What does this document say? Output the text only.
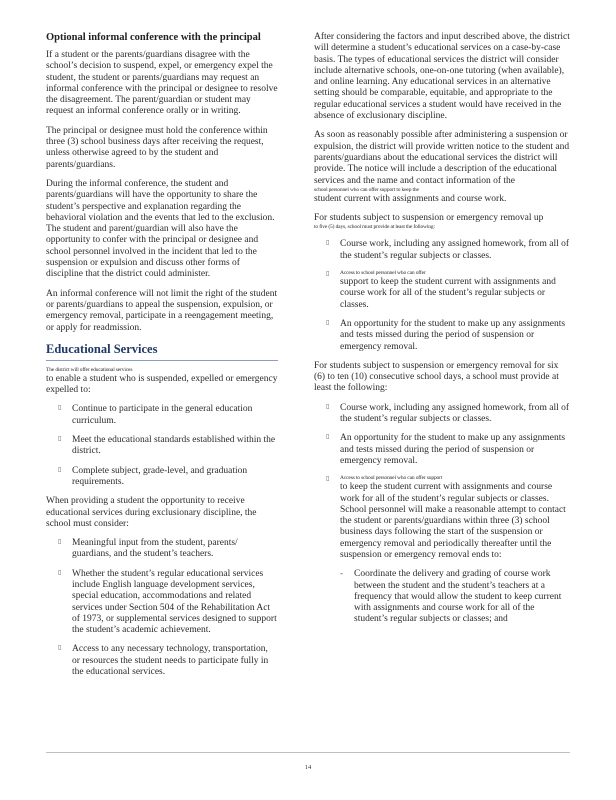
Optional informal conference with the principal

If a student or the parents/guardians disagree with the school’s decision to suspend, expel, or emergency expel the student, the student or parents/guardians may request an informal conference with the principal or designee to resolve the disagreement. The parent/guardian or student may request an informal conference orally or in writing.

The principal or designee must hold the conference within three (3) school business days after receiving the request, unless otherwise agreed to by the student and parents/guardians.

During the informal conference, the student and parents/guardians will have the opportunity to share the student’s perspective and explanation regarding the behavioral violation and the events that led to the exclusion. The student and parent/guardian will also have the opportunity to confer with the principal or designee and school personnel involved in the incident that led to the suspension or expulsion and discuss other forms of discipline that the district could administer.

An informal conference will not limit the right of the student or parents/guardians to appeal the suspension, expulsion, or emergency removal, participate in a reengagement meeting, or apply for readmission.

Educational Services

The district will offer educational services
to enable a student who is suspended, expelled or emergency expelled to:

▯ Continue to participate in the general education curriculum.
▯ Meet the educational standards established within the district.
▯ Complete subject, grade-level, and graduation requirements.

When providing a student the opportunity to receive educational services during exclusionary discipline, the school must consider:

▯ Meaningful input from the student, parents/ guardians, and the student’s teachers.
▯ Whether the student’s regular educational services include English language development services, special education, accommodations and related services under Section 504 of the Rehabilitation Act of 1973, or supplemental services designed to support the student’s academic achievement.
▯ Access to any necessary technology, transportation, or resources the student needs to participate fully in the educational services.

After considering the factors and input described above, the district will determine a student’s educational services on a case-by-case basis. The types of educational services the district will consider include alternative schools, one-on-one tutoring (when available), and online learning. Any educational services in an alternative setting should be comparable, equitable, and appropriate to the regular educational services a student would have received in the absence of exclusionary discipline.

As soon as reasonably possible after administering a suspension or expulsion, the district will provide written notice to the student and parents/guardians about the educational services the district will provide. The notice will include a description of the educational services and the name and contact information of the
school personnel who can offer support to keep the
student current with assignments and course work.

For students subject to suspension or emergency removal up
to five (5) days, school must provide at least the following:

▯ Course work, including any assigned homework, from all of the student’s regular subjects or classes.
▯ Access to school personnel who can offer
support to keep the student current with assignments and course work for all of the student’s regular subjects or classes.
▯ An opportunity for the student to make up any assignments and tests missed during the period of suspension or emergency removal.

For students subject to suspension or emergency removal for six (6) to ten (10) consecutive school days, a school must provide at least the following:

▯ Course work, including any assigned homework, from all of the student’s regular subjects or classes.
▯ An opportunity for the student to make up any assignments and tests missed during the period of suspension or emergency removal.
▯ Access to school personnel who can offer support
to keep the student current with assignments and course work for all of the student’s regular subjects or classes. School personnel will make a reasonable attempt to contact the student or parents/guardians within three (3) school business days following the start of the suspension or emergency removal and periodically thereafter until the suspension or emergency removal ends to:
- Coordinate the delivery and grading of course work between the student and the student’s teachers at a frequency that would allow the student to keep current with assignments and course work for all of the student’s regular subjects or classes; and
14
